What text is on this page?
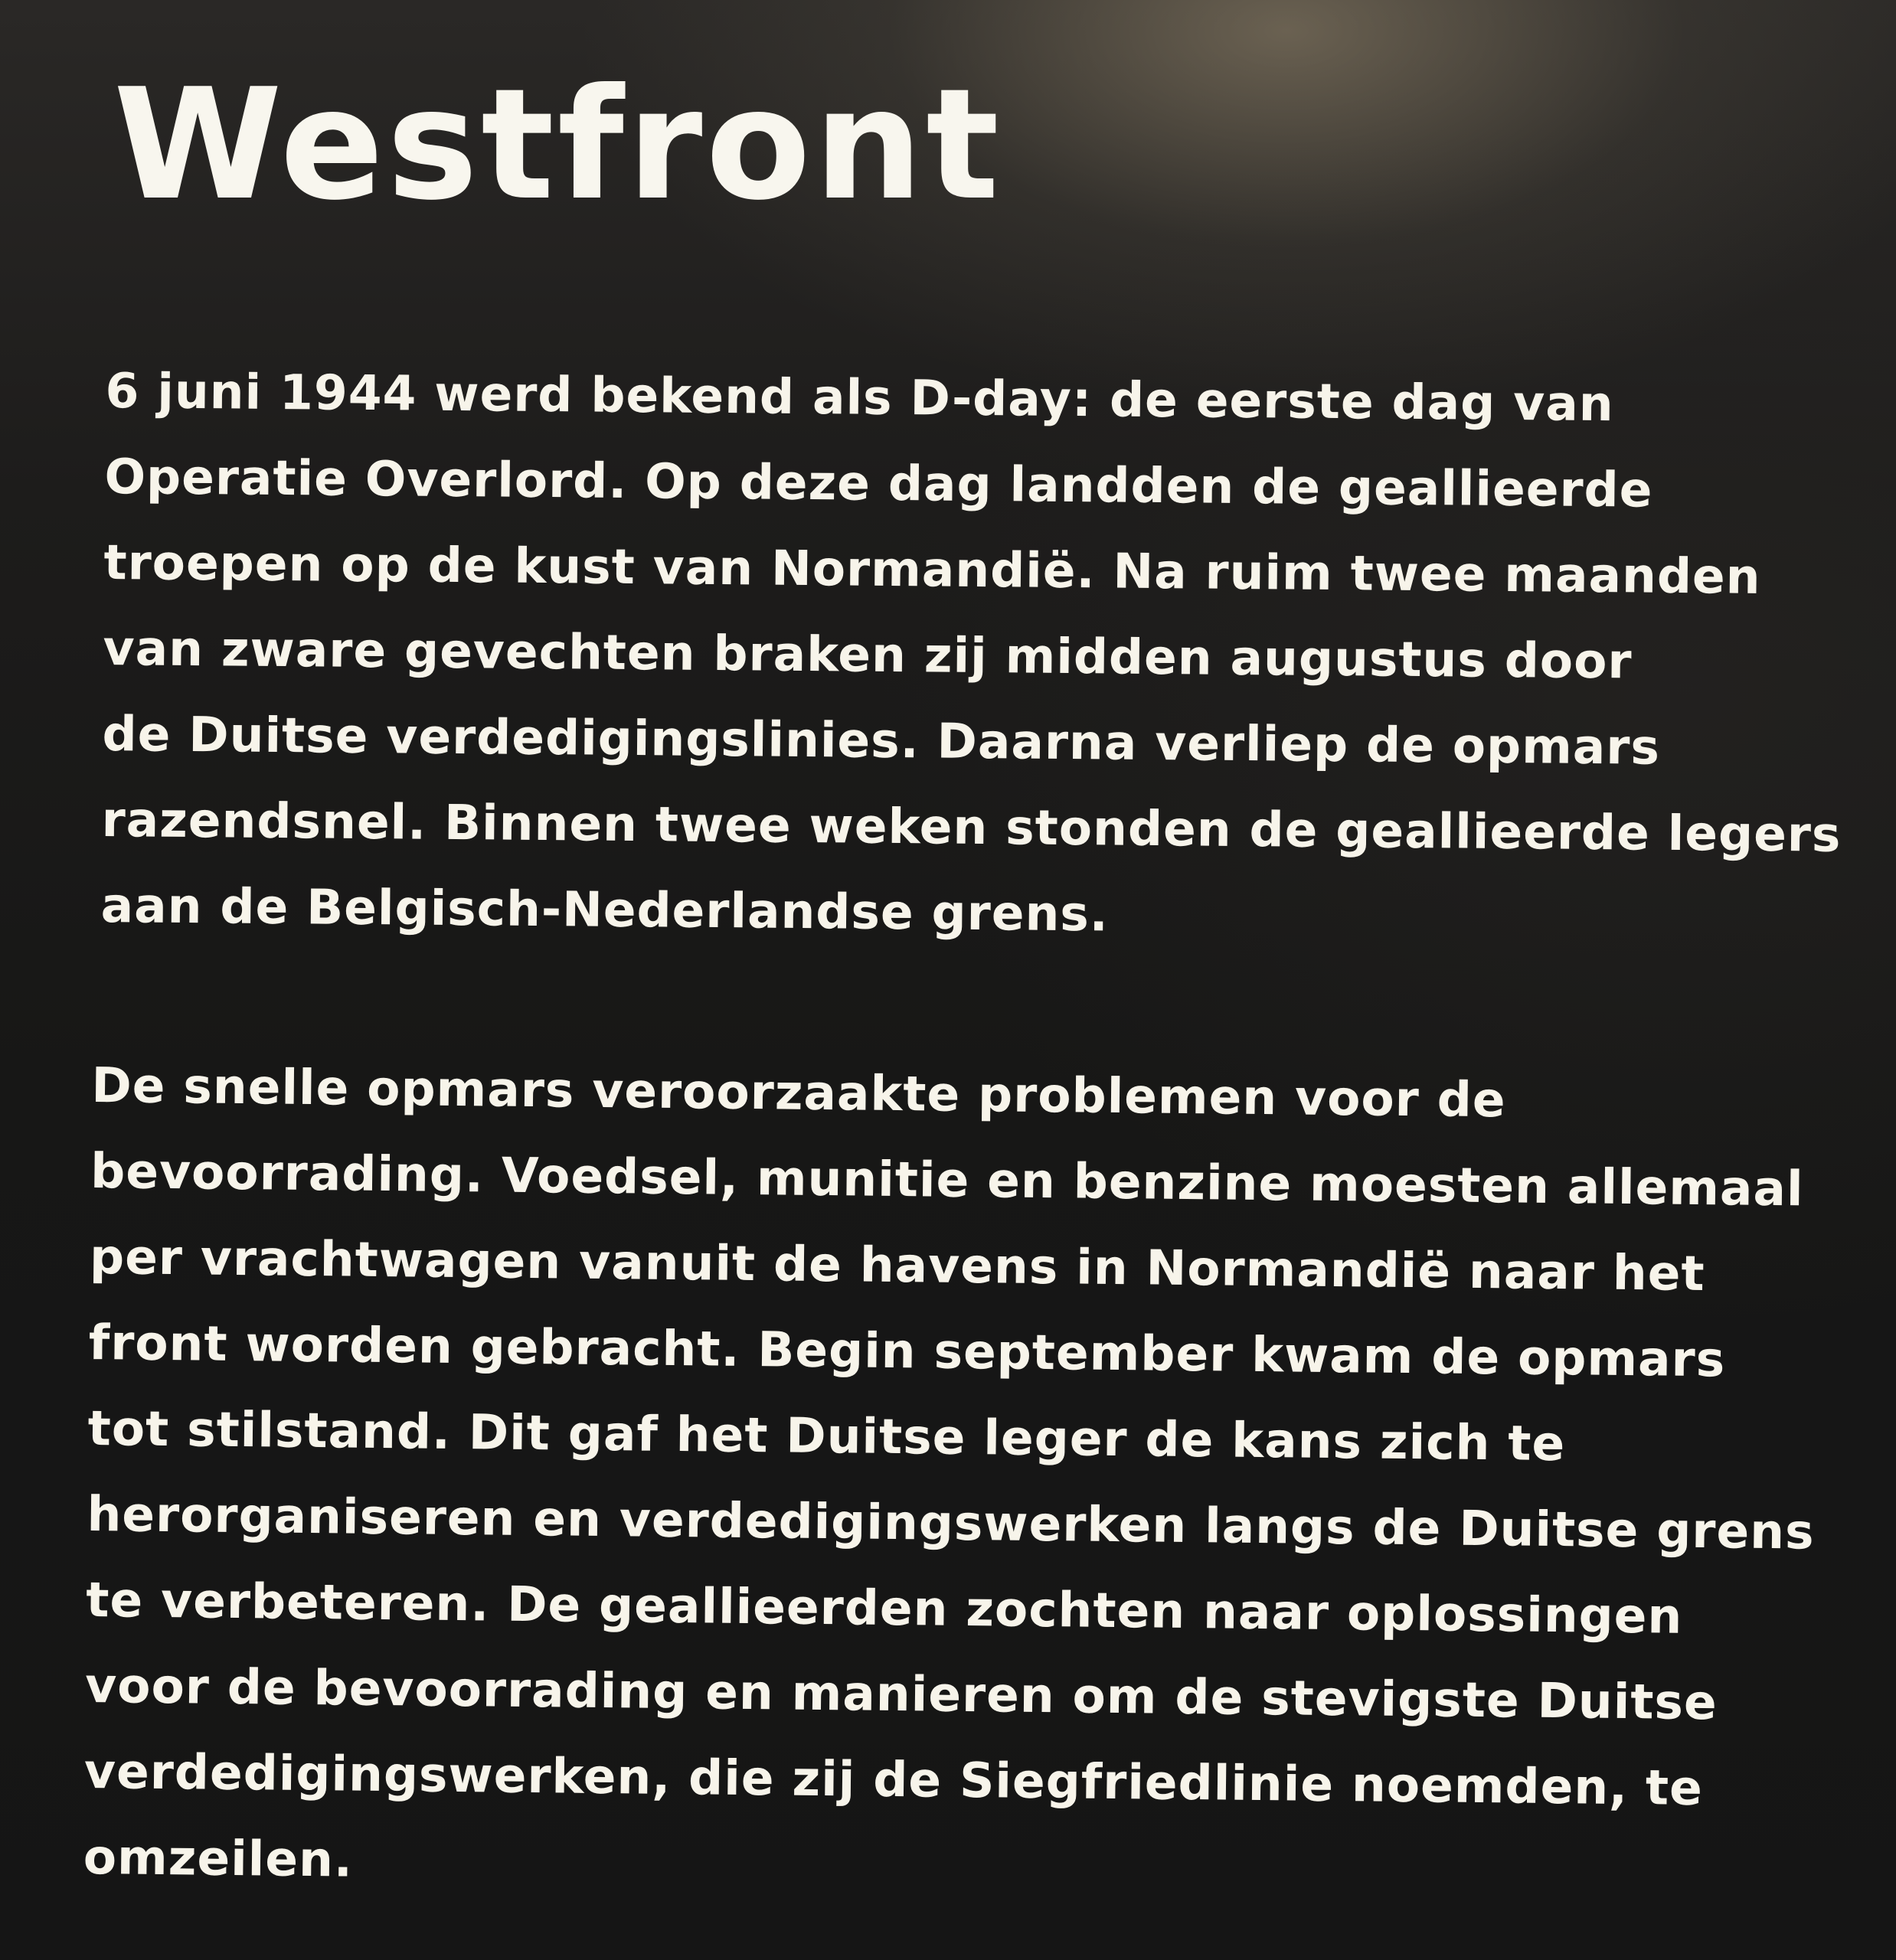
Westfront

6 juni 1944 werd bekend als D-day: de eerste dag van
Operatie Overlord. Op deze dag landden de geallieerde
troepen op de kust van Normandië. Na ruim twee maanden
van zware gevechten braken zij midden augustus door
de Duitse verdedigingslinies. Daarna verliep de opmars
razendsnel. Binnen twee weken stonden de geallieerde legers
aan de Belgisch-Nederlandse grens.

De snelle opmars veroorzaakte problemen voor de
bevoorrading. Voedsel, munitie en benzine moesten allemaal
per vrachtwagen vanuit de havens in Normandië naar het
front worden gebracht. Begin september kwam de opmars
tot stilstand. Dit gaf het Duitse leger de kans zich te
herorganiseren en verdedigingswerken langs de Duitse grens
te verbeteren. De geallieerden zochten naar oplossingen
voor de bevoorrading en manieren om de stevigste Duitse
verdedigingswerken, die zij de Siegfriedlinie noemden, te
omzeilen.
